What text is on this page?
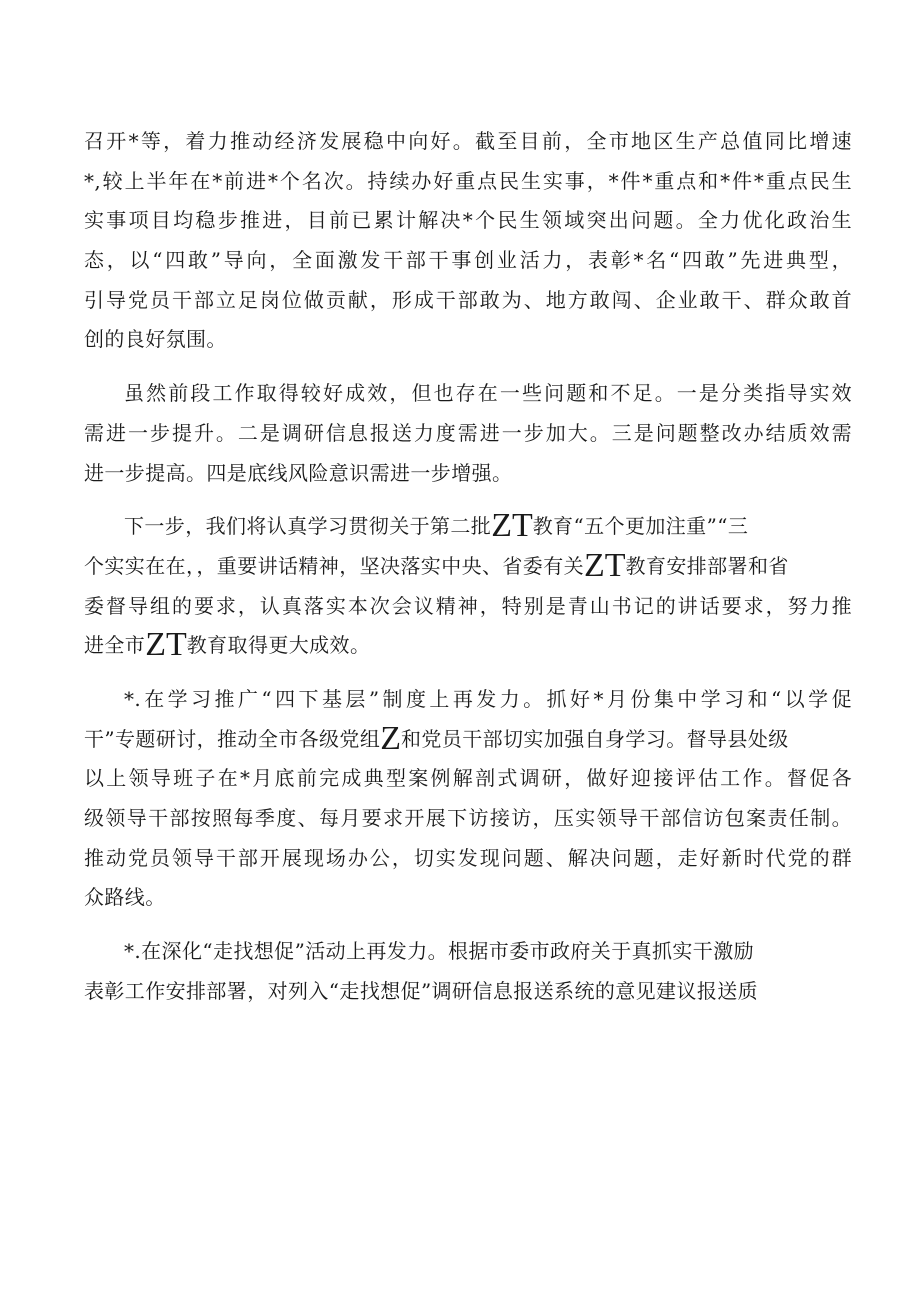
召开*等，着力推动经济发展稳中向好。截至目前，全市地区生产总值同比增速
*,较上半年在*前进*个名次。持续办好重点民生实事，*件*重点和*件*重点民生
实事项目均稳步推进，目前已累计解决*个民生领域突出问题。全力优化政治生
态，以“四敢”导向，全面激发干部干事创业活力，表彰*名“四敢”先进典型，
引导党员干部立足岗位做贡献，形成干部敢为、地方敢闯、企业敢干、群众敢首
创的良好氛围。
虽然前段工作取得较好成效，但也存在一些问题和不足。一是分类指导实效
需进一步提升。二是调研信息报送力度需进一步加大。三是问题整改办结质效需
进一步提高。四是底线风险意识需进一步增强。
下一步，我们将认真学习贯彻关于第二批ZT教育“五个更加注重”“三
个实实在在，，重要讲话精神，坚决落实中央、省委有关ZT教育安排部署和省
委督导组的要求，认真落实本次会议精神，特别是青山书记的讲话要求，努力推
进全市ZT教育取得更大成效。
*.在学习推广“四下基层”制度上再发力。抓好*月份集中学习和“以学促
干”专题研讨，推动全市各级党组Z和党员干部切实加强自身学习。督导县处级
以上领导班子在*月底前完成典型案例解剖式调研，做好迎接评估工作。督促各
级领导干部按照每季度、每月要求开展下访接访，压实领导干部信访包案责任制。
推动党员领导干部开展现场办公，切实发现问题、解决问题，走好新时代党的群
众路线。
*.在深化“走找想促”活动上再发力。根据市委市政府关于真抓实干激励
表彰工作安排部署，对列入“走找想促”调研信息报送系统的意见建议报送质
